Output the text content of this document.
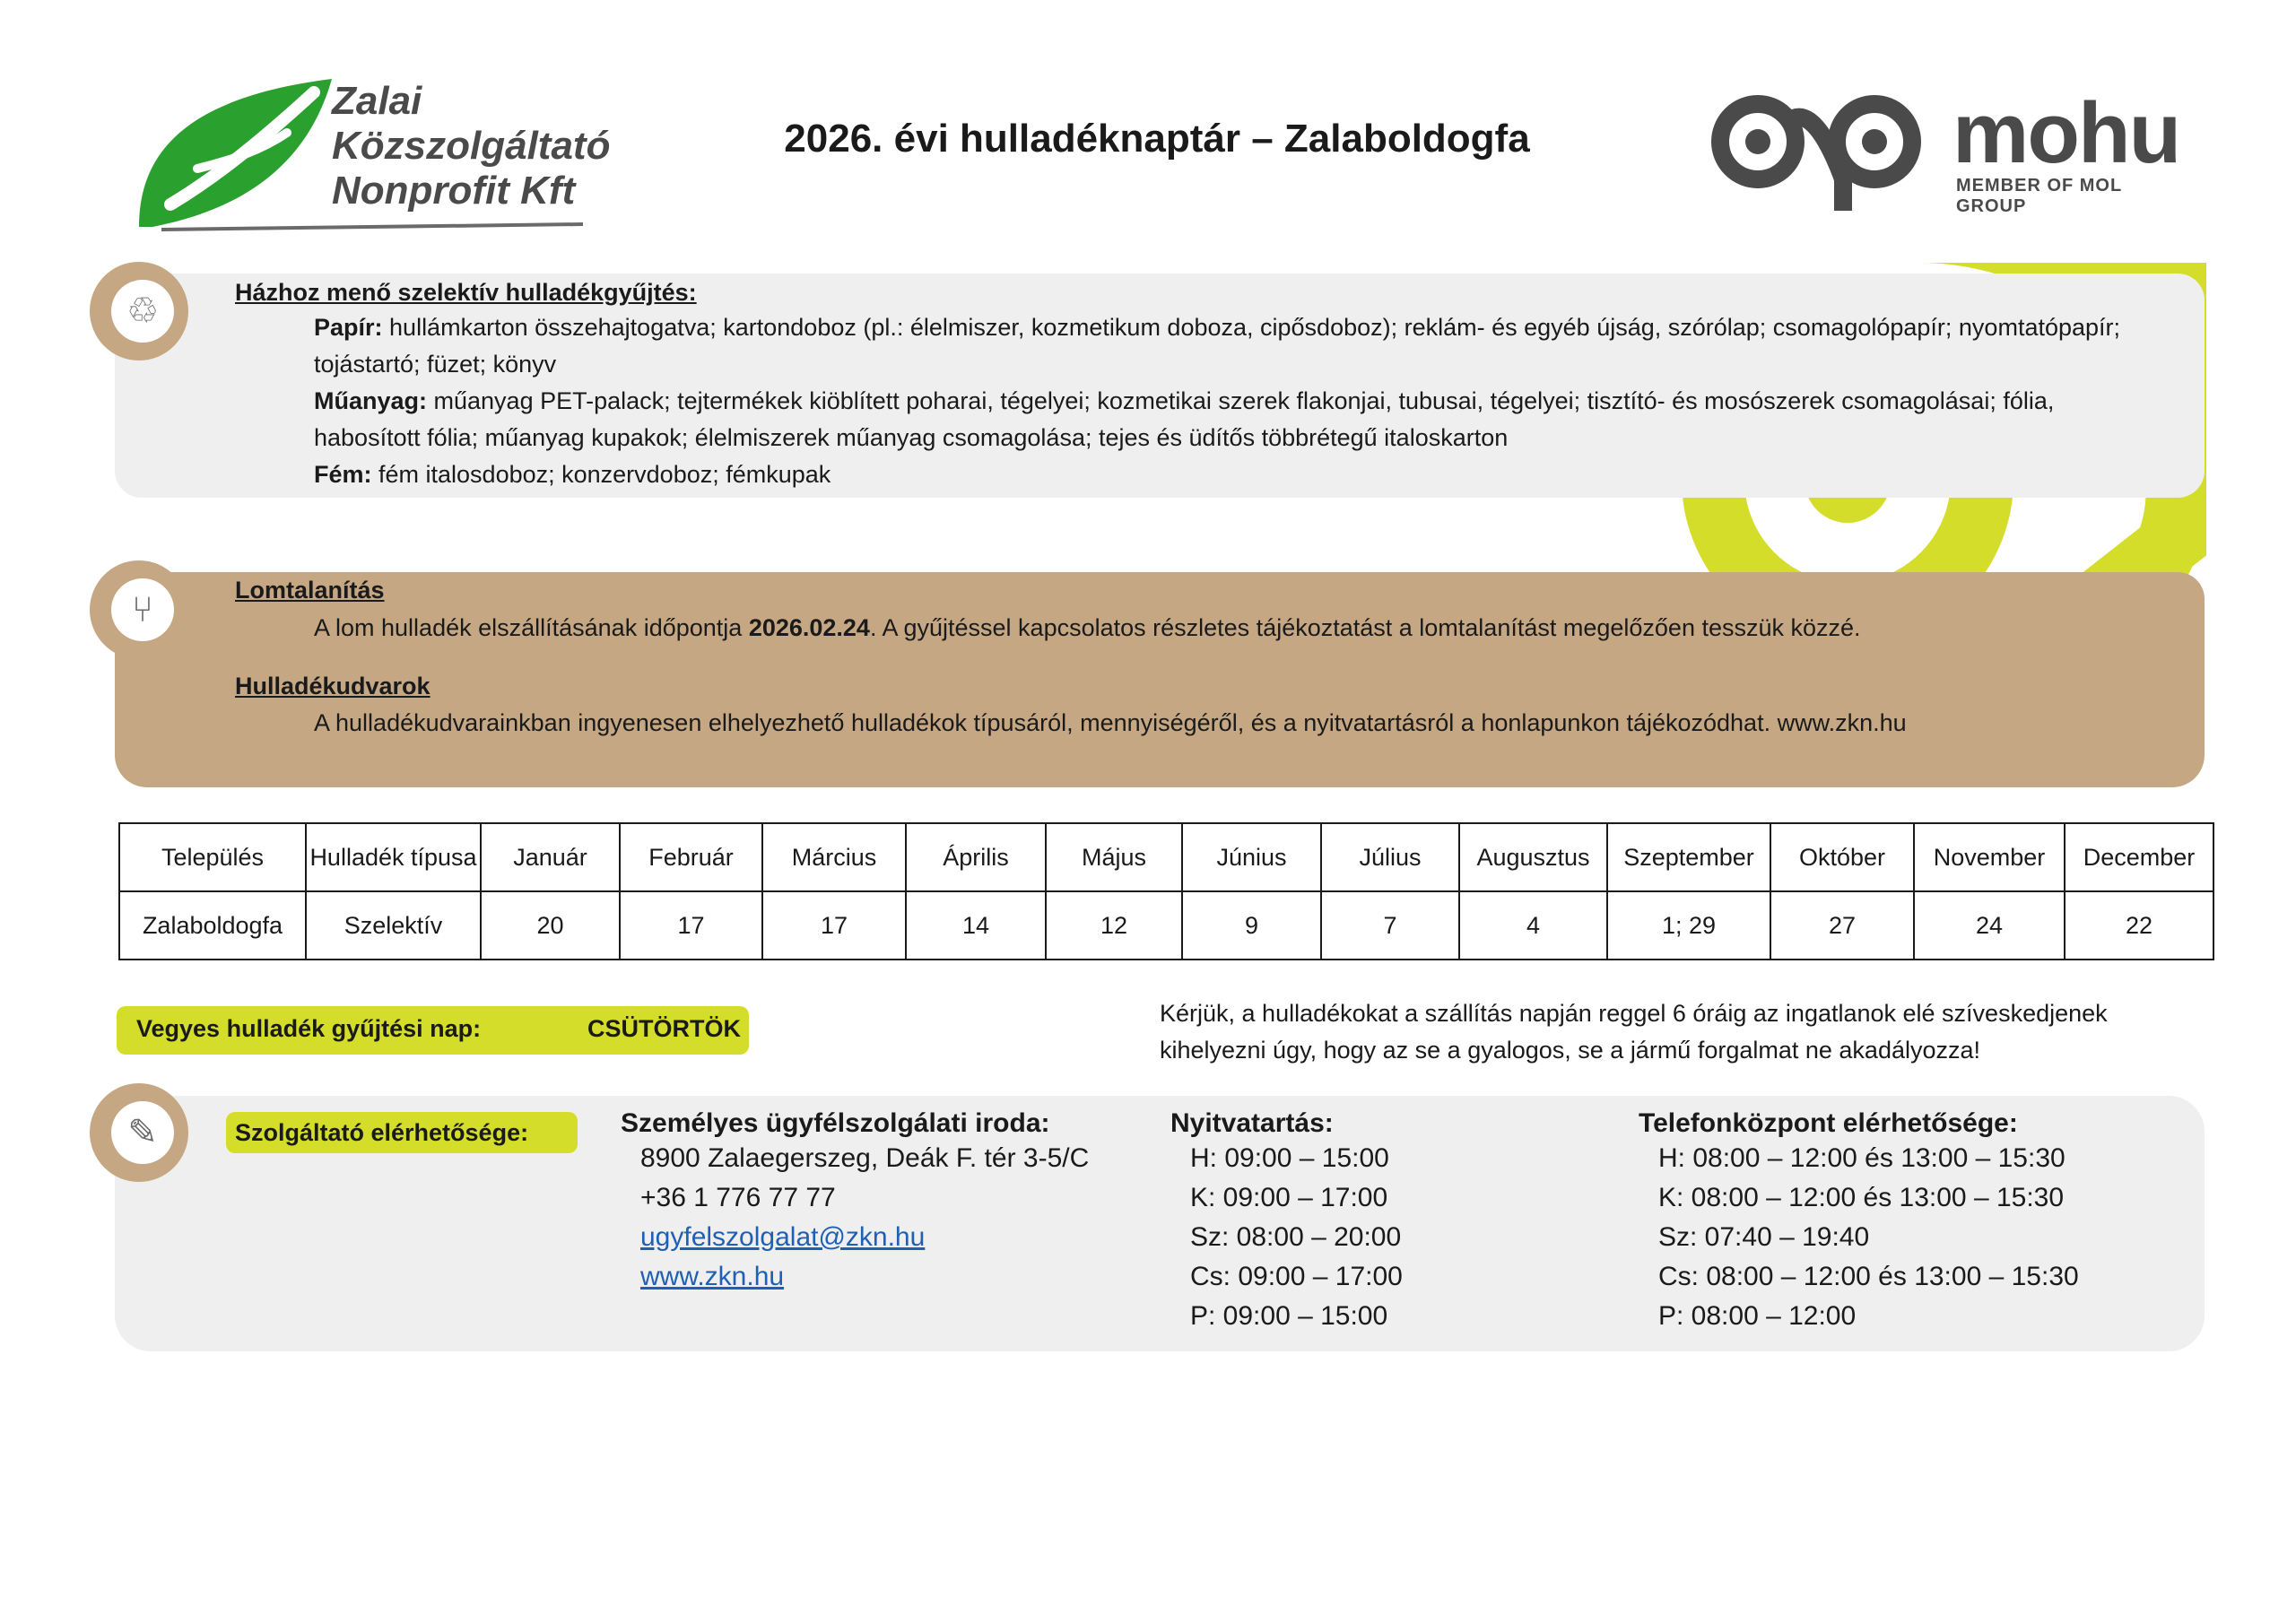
Zalai
Közszolgáltató
Nonprofit Kft
2026. évi hulladéknaptár – Zalaboldogfa	mohu
MEMBER OF MOL GROUP
♲	Házhoz menő szelektív hulladékgyűjtés:
Papír: hullámkarton összehajtogatva; kartondoboz (pl.: élelmiszer, kozmetikum doboza, cipősdoboz); reklám- és egyéb újság, szórólap; csomagolópapír; nyomtatópapír;
tojástartó; füzet; könyv
Műanyag: műanyag PET-palack; tejtermékek kiöblített poharai, tégelyei; kozmetikai szerek flakonjai, tubusai, tégelyei; tisztító- és mosószerek csomagolásai; fólia,
habosított fólia; műanyag kupakok; élelmiszerek műanyag csomagolása; tejes és üdítős többrétegű italoskarton
Fém: fém italosdoboz; konzervdoboz; fémkupak
⑂	Lomtalanítás
A lom hulladék elszállításának időpontja 2026.02.24. A gyűjtéssel kapcsolatos részletes tájékoztatást a lomtalanítást megelőzően tesszük közzé.
Hulladékudvarok
A hulladékudvarainkban ingyenesen elhelyezhető hulladékok típusáról, mennyiségéről, és a nyitvatartásról a honlapunkon tájékozódhat. www.zkn.hu
Település	Hulladék típusa	Január	Február	Március	Április	Május	Június	Július	Augusztus	Szeptember	Október	November	December
Zalaboldogfa	Szelektív	20	17	17	14	12	9	7	4	1; 29	27	24	22
Vegyes hulladék gyűjtési nap:	CSÜTÖRTÖK
Kérjük, a hulladékokat a szállítás napján reggel 6 óráig az ingatlanok elé szíveskedjenek
kihelyezni úgy, hogy az se a gyalogos, se a jármű forgalmat ne akadályozza!
✎	Szolgáltató elérhetősége:	Személyes ügyfélszolgálati iroda:
8900 Zalaegerszeg, Deák F. tér 3-5/C
+36 1 776 77 77
ugyfelszolgalat@zkn.hu
www.zkn.hu
Nyitvatartás:
H: 09:00 – 15:00
K: 09:00 – 17:00
Sz: 08:00 – 20:00
Cs: 09:00 – 17:00
P: 09:00 – 15:00
Telefonközpont elérhetősége:
H: 08:00 – 12:00 és 13:00 – 15:30
K: 08:00 – 12:00 és 13:00 – 15:30
Sz: 07:40 – 19:40
Cs: 08:00 – 12:00 és 13:00 – 15:30
P: 08:00 – 12:00
